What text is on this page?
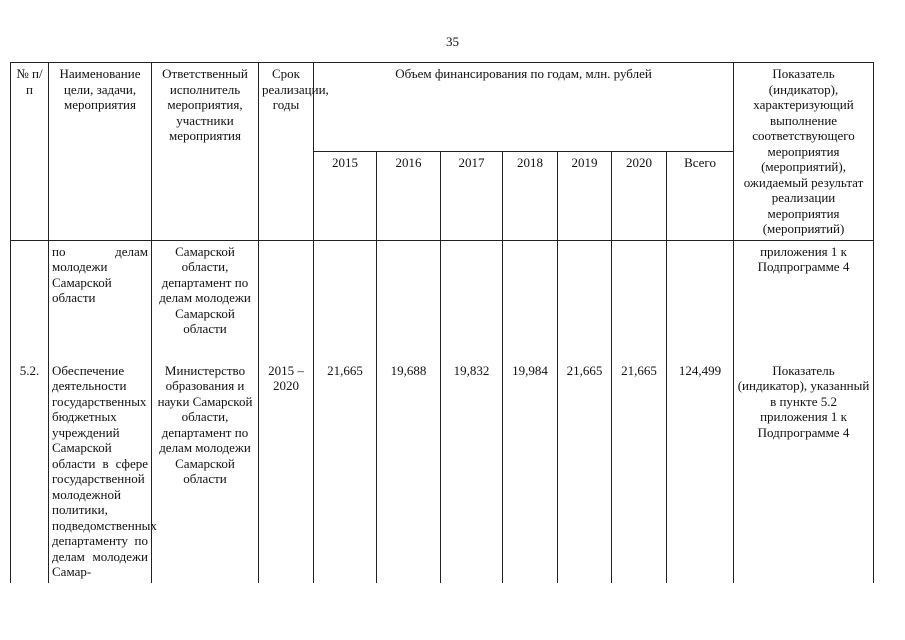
35
№ п/п	Наименование цели, задачи, мероприятия	Ответственный исполнитель мероприятия, участники мероприятия	Срок реализации, годы	Объем финансирования по годам, млн. рублей							Показатель (индикатор), характеризующий выполнение соответствующего мероприятия (мероприятий), ожидаемый результат реализации мероприятия (мероприятий)
				2015	2016	2017	2018	2019	2020	Всего	
	по делам молодежи Самарской области	Самарской области, департамент по делам молодежи Самарской области									приложения 1 к Подпрограмме 4
5.2.	Обеспечение деятельности государственных бюджетных учреждений Самарской области в сфере государственной молодежной политики, подведомственных департаменту по делам молодежи Самар-	Министерство образования и науки Самарской области, департамент по делам молодежи Самарской области	2015 – 2020	21,665	19,688	19,832	19,984	21,665	21,665	124,499	Показатель (индикатор), указанный в пункте 5.2 приложения 1 к Подпрограмме 4
